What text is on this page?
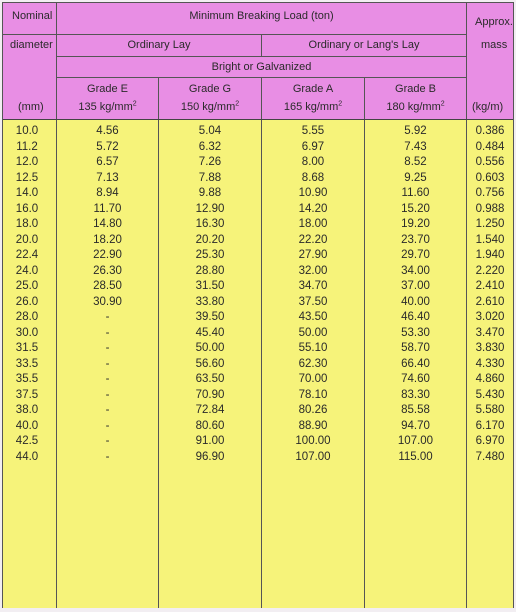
Nominal
diameter
(mm)
Minimum Breaking Load (ton)
Ordinary Lay	Ordinary or Lang's Lay
Bright or Galvanized
Approx.
mass
(kg/m)
Grade E
135 $kg/mm^2$
Grade G
150 $kg/mm^2$
Grade A
165 $kg/mm^2$
Grade B
180 $kg/mm^2$
10.0	4.56	5.04	5.55	5.92	0.386
11.2	5.72	6.32	6.97	7.43	0.484
12.0	6.57	7.26	8.00	8.52	0.556
12.5	7.13	7.88	8.68	9.25	0.603
14.0	8.94	9.88	10.90	11.60	0.756
16.0	11.70	12.90	14.20	15.20	0.988
18.0	14.80	16.30	18.00	19.20	1.250
20.0	18.20	20.20	22.20	23.70	1.540
22.4	22.90	25.30	27.90	29.70	1.940
24.0	26.30	28.80	32.00	34.00	2.220
25.0	28.50	31.50	34.70	37.00	2.410
26.0	30.90	33.80	37.50	40.00	2.610
28.0	-	39.50	43.50	46.40	3.020
30.0	-	45.40	50.00	53.30	3.470
31.5	-	50.00	55.10	58.70	3.830
33.5	-	56.60	62.30	66.40	4.330
35.5	-	63.50	70.00	74.60	4.860
37.5	-	70.90	78.10	83.30	5.430
38.0	-	72.84	80.26	85.58	5.580
40.0	-	80.60	88.90	94.70	6.170
42.5	-	91.00	100.00	107.00	6.970
44.0	-	96.90	107.00	115.00	7.480
